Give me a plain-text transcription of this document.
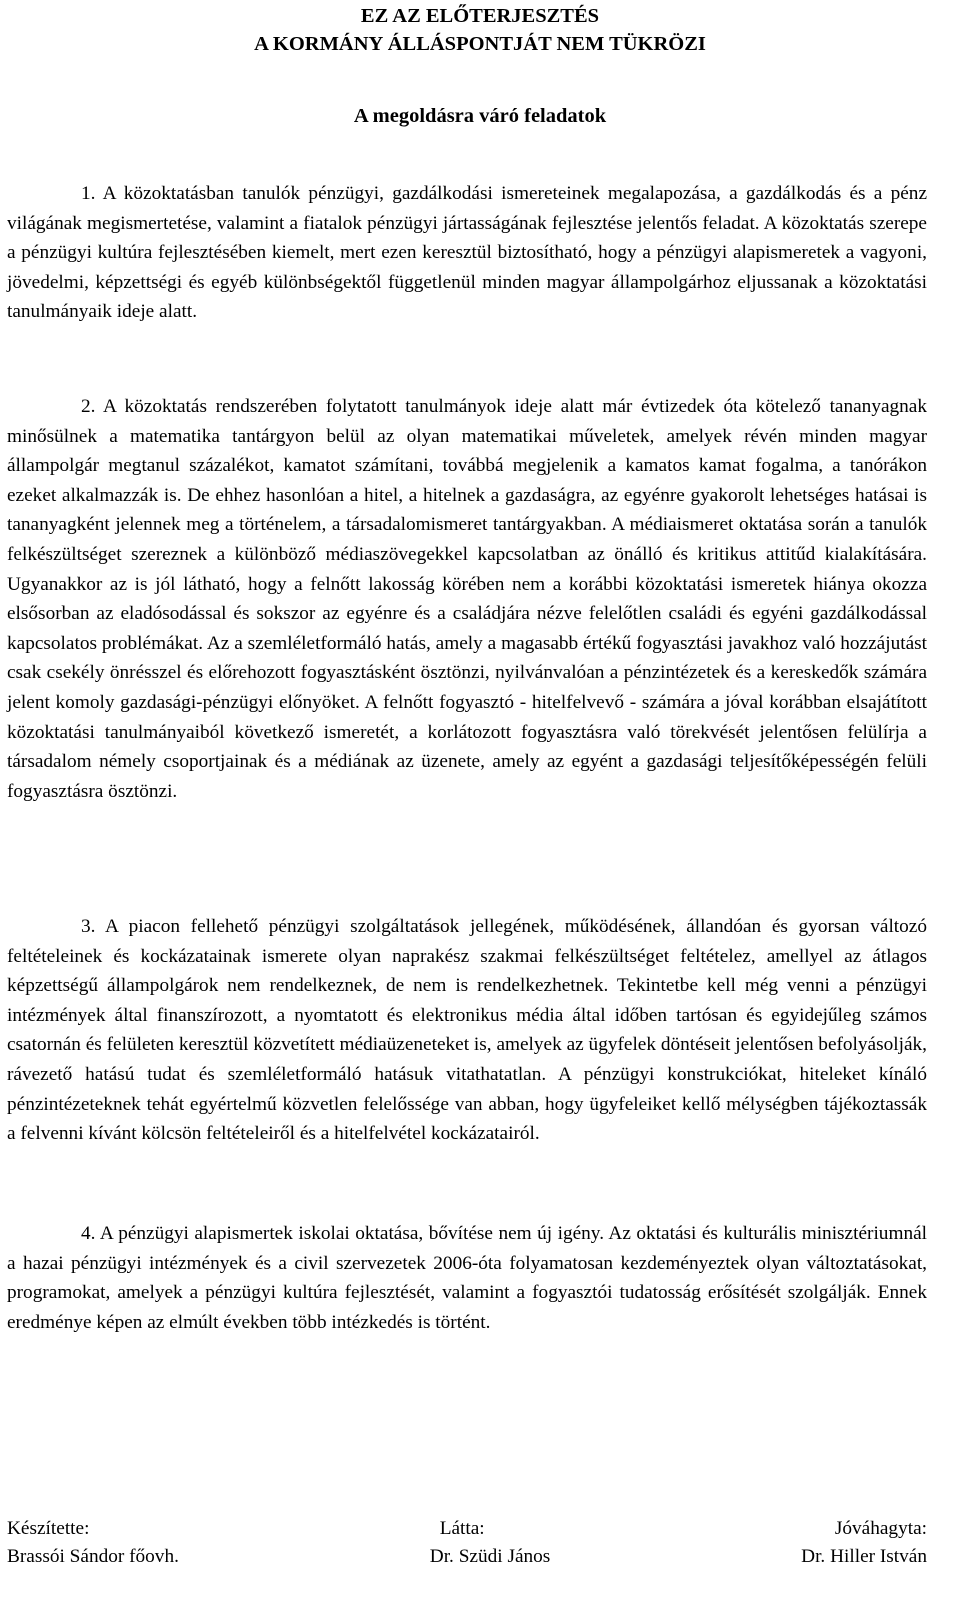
EZ AZ ELŐTERJESZTÉS
A KORMÁNY ÁLLÁSPONTJÁT NEM TÜKRÖZI
A megoldásra váró feladatok

1. A közoktatásban tanulók pénzügyi, gazdálkodási ismereteinek megalapozása, a gazdálkodás és a pénz világának megismertetése, valamint a fiatalok pénzügyi jártasságának fejlesztése jelentős feladat. A közoktatás szerepe a pénzügyi kultúra fejlesztésében kiemelt, mert ezen keresztül biztosítható, hogy a pénzügyi alapismeretek a vagyoni, jövedelmi, képzettségi és egyéb különbségektől függetlenül minden magyar állampolgárhoz eljussanak a közoktatási tanulmányaik ideje alatt.

2. A közoktatás rendszerében folytatott tanulmányok ideje alatt már évtizedek óta kötelező tananyagnak minősülnek a matematika tantárgyon belül az olyan matematikai műveletek, amelyek révén minden magyar állampolgár megtanul százalékot, kamatot számítani, továbbá megjelenik a kamatos kamat fogalma, a tanórákon ezeket alkalmazzák is. De ehhez hasonlóan a hitel, a hitelnek a gazdaságra, az egyénre gyakorolt lehetséges hatásai is tananyagként jelennek meg a történelem, a társadalomismeret tantárgyakban. A médiaismeret oktatása során a tanulók felkészültséget szereznek a különböző médiaszövegekkel kapcsolatban az önálló és kritikus attitűd kialakítására. Ugyanakkor az is jól látható, hogy a felnőtt lakosság körében nem a korábbi közoktatási ismeretek hiánya okozza elsősorban az eladósodással és sokszor az egyénre és a családjára nézve felelőtlen családi és egyéni gazdálkodással kapcsolatos problémákat. Az a szemléletformáló hatás, amely a magasabb értékű fogyasztási javakhoz való hozzájutást csak csekély önrésszel és előrehozott fogyasztásként ösztönzi, nyilvánvalóan a pénzintézetek és a kereskedők számára jelent komoly gazdasági-pénzügyi előnyöket. A felnőtt fogyasztó - hitelfelvevő - számára a jóval korábban elsajátított közoktatási tanulmányaiból következő ismeretét, a korlátozott fogyasztásra való törekvését jelentősen felülírja a társadalom némely csoportjainak és a médiának az üzenete, amely az egyént a gazdasági teljesítőképességén felüli fogyasztásra ösztönzi.

3. A piacon fellehető pénzügyi szolgáltatások jellegének, működésének, állandóan és gyorsan változó feltételeinek és kockázatainak ismerete olyan naprakész szakmai felkészültséget feltételez, amellyel az átlagos képzettségű állampolgárok nem rendelkeznek, de nem is rendelkezhetnek. Tekintetbe kell még venni a pénzügyi intézmények által finanszírozott, a nyomtatott és elektronikus média által időben tartósan és egyidejűleg számos csatornán és felületen keresztül közvetített médiaüzeneteket is, amelyek az ügyfelek döntéseit jelentősen befolyásolják, rávezető hatású tudat és szemléletformáló hatásuk vitathatatlan. A pénzügyi konstrukciókat, hiteleket kínáló pénzintézeteknek tehát egyértelmű közvetlen felelőssége van abban, hogy ügyfeleiket kellő mélységben tájékoztassák a felvenni kívánt kölcsön feltételeiről és a hitelfelvétel kockázatairól.

4. A pénzügyi alapismertek iskolai oktatása, bővítése nem új igény. Az oktatási és kulturális minisztériumnál a hazai pénzügyi intézmények és a civil szervezetek 2006-óta folyamatosan kezdeményeztek olyan változtatásokat, programokat, amelyek a pénzügyi kultúra fejlesztését, valamint a fogyasztói tudatosság erősítését szolgálják. Ennek eredménye képen az elmúlt években több intézkedés is történt.

Készítette:	Látta:	Jóváhagyta:
Brassói Sándor főovh.	Dr. Szüdi János	Dr. Hiller István
